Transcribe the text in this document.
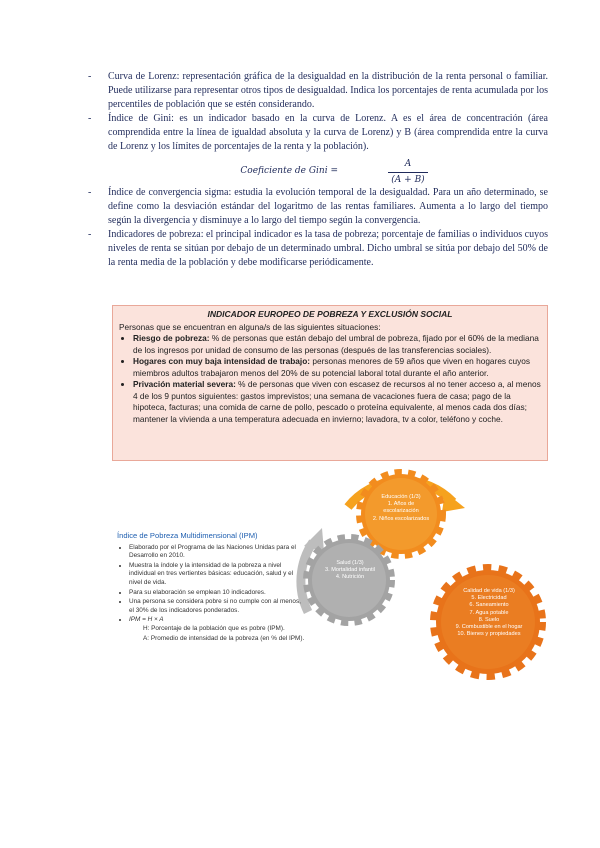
- Curva de Lorenz: representación gráfica de la desigualdad en la distribución de la renta personal o familiar. Puede utilizarse para representar otros tipos de desigualdad. Indica los porcentajes de renta acumulada por los percentiles de población que se estén considerando.

- Índice de Gini: es un indicador basado en la curva de Lorenz. A es el área de concentración (área comprendida entre la línea de igualdad absoluta y la curva de Lorenz) y B (área comprendida entre la curva de Lorenz y los límites de porcentajes de la renta y la población).

Coeficiente de Gini =	$\frac{A}{(A + B)}$

- Índice de convergencia sigma: estudia la evolución temporal de la desigualdad. Para un año determinado, se define como la desviación estándar del logaritmo de las rentas familiares. Aumenta a lo largo del tiempo según la divergencia y disminuye a lo largo del tiempo según la convergencia.

- Indicadores de pobreza: el principal indicador es la tasa de pobreza; porcentaje de familias o individuos cuyos niveles de renta se sitúan por debajo de un determinado umbral. Dicho umbral se sitúa por debajo del 50% de la renta media de la población y debe modificarse periódicamente.

INDICADOR EUROPEO DE POBREZA Y EXCLUSIÓN SOCIAL
Personas que se encuentran en alguna/s de las siguientes situaciones:
• Riesgo de pobreza: % de personas que están debajo del umbral de pobreza, fijado por el 60% de la mediana de los ingresos por unidad de consumo de las personas (después de las transferencias sociales).
• Hogares con muy baja intensidad de trabajo: personas menores de 59 años que viven en hogares cuyos miembros adultos trabajaron menos del 20% de su potencial laboral total durante el año anterior.
• Privación material severa: % de personas que viven con escasez de recursos al no tener acceso a, al menos 4 de los 9 puntos siguientes: gastos imprevistos; una semana de vacaciones fuera de casa; pago de la hipoteca, facturas; una comida de carne de pollo, pescado o proteína equivalente, al menos cada dos días; mantener la vivienda a una temperatura adecuada en invierno; lavadora, tv a color, teléfono y coche.
Educación (1/3)
1. Años de escolarización
2. Niños escolarizados
Salud (1/3)
3. Mortalidad infantil
4. Nutrición
Calidad de vida (1/3)
5. Electricidad
6. Saneamiento
7. Agua potable
8. Suelo
9. Combustible en el hogar
10. Bienes y propiedades
Índice de Pobreza Multidimensional (IPM)
• Elaborado por el Programa de las Naciones Unidas para el Desarrollo en 2010.
• Muestra la índole y la intensidad de la pobreza a nivel individual en tres vertientes básicas: educación, salud y el nivel de vida.
• Para su elaboración se emplean 10 indicadores.
• Una persona se considera pobre si no cumple con al menos, el 30% de los indicadores ponderados.
• IPM = H × A
H: Porcentaje de la población que es pobre (IPM).
A: Promedio de intensidad de la pobreza (en % del IPM).
